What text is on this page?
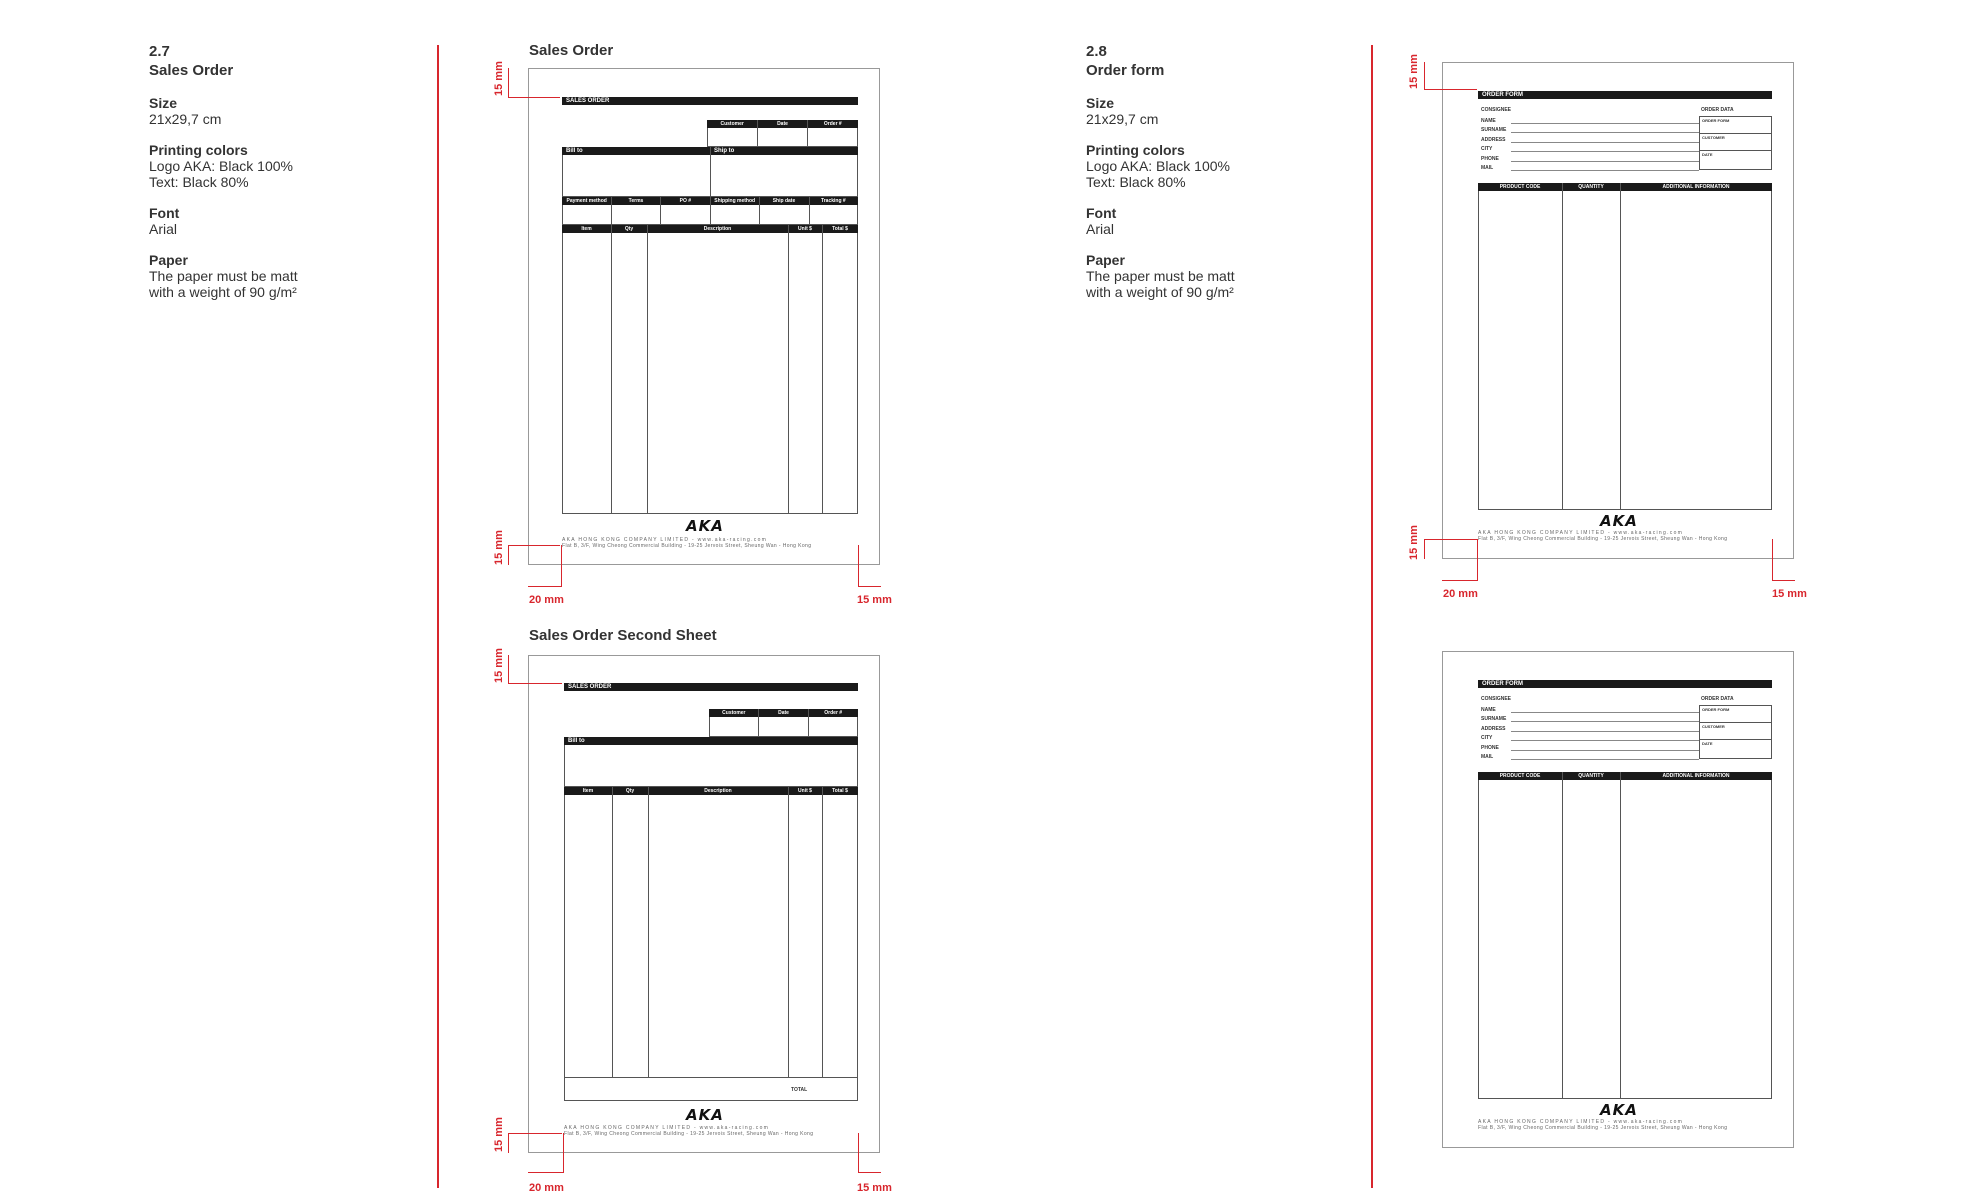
2.7
Sales Order
Size
21x29,7 cm
Printing colors
Logo AKA: Black 100%
Text: Black 80%
Font
Arial
Paper
The paper must be matt
with a weight of 90 g/m²
2.8
Order form
Size
21x29,7 cm
Printing colors
Logo AKA: Black 100%
Text: Black 80%
Font
Arial
Paper
The paper must be matt
with a weight of 90 g/m²
Sales Order
SALES ORDER
Customer	Date	Order #
Bill to	Ship to
Payment method	Terms	PO #	Shipping method	Ship date	Tracking #
Item	Qty	Description	Unit $	Total $
AKA
AKA HONG KONG COMPANY LIMITED - www.aka-racing.com
Flat B, 3/F, Wing Cheong Commercial Building - 19-25 Jervois Street, Sheung Wan - Hong Kong
15 mm
15 mm
20 mm	15 mm
Sales Order Second Sheet
SALES ORDER
Customer	Date	Order #
Bill to
Item	Qty	Description	Unit $	Total $
TOTAL
AKA
AKA HONG KONG COMPANY LIMITED - www.aka-racing.com
Flat B, 3/F, Wing Cheong Commercial Building - 19-25 Jervois Street, Sheung Wan - Hong Kong
15 mm
15 mm
20 mm	15 mm
ORDER FORM
CONSIGNEE
NAME
SURNAME
ADDRESS
CITY
PHONE
MAIL
ORDER DATA
ORDER FORM
CUSTOMER
DATE
PRODUCT CODE	QUANTITY	ADDITIONAL INFORMATION
AKA
AKA HONG KONG COMPANY LIMITED - www.aka-racing.com
Flat B, 3/F, Wing Cheong Commercial Building - 19-25 Jervois Street, Sheung Wan - Hong Kong
15 mm
15 mm
20 mm	15 mm
ORDER FORM
CONSIGNEE
NAME
SURNAME
ADDRESS
CITY
PHONE
MAIL
ORDER DATA
ORDER FORM
CUSTOMER
DATE
PRODUCT CODE	QUANTITY	ADDITIONAL INFORMATION
AKA
AKA HONG KONG COMPANY LIMITED - www.aka-racing.com
Flat B, 3/F, Wing Cheong Commercial Building - 19-25 Jervois Street, Sheung Wan - Hong Kong
